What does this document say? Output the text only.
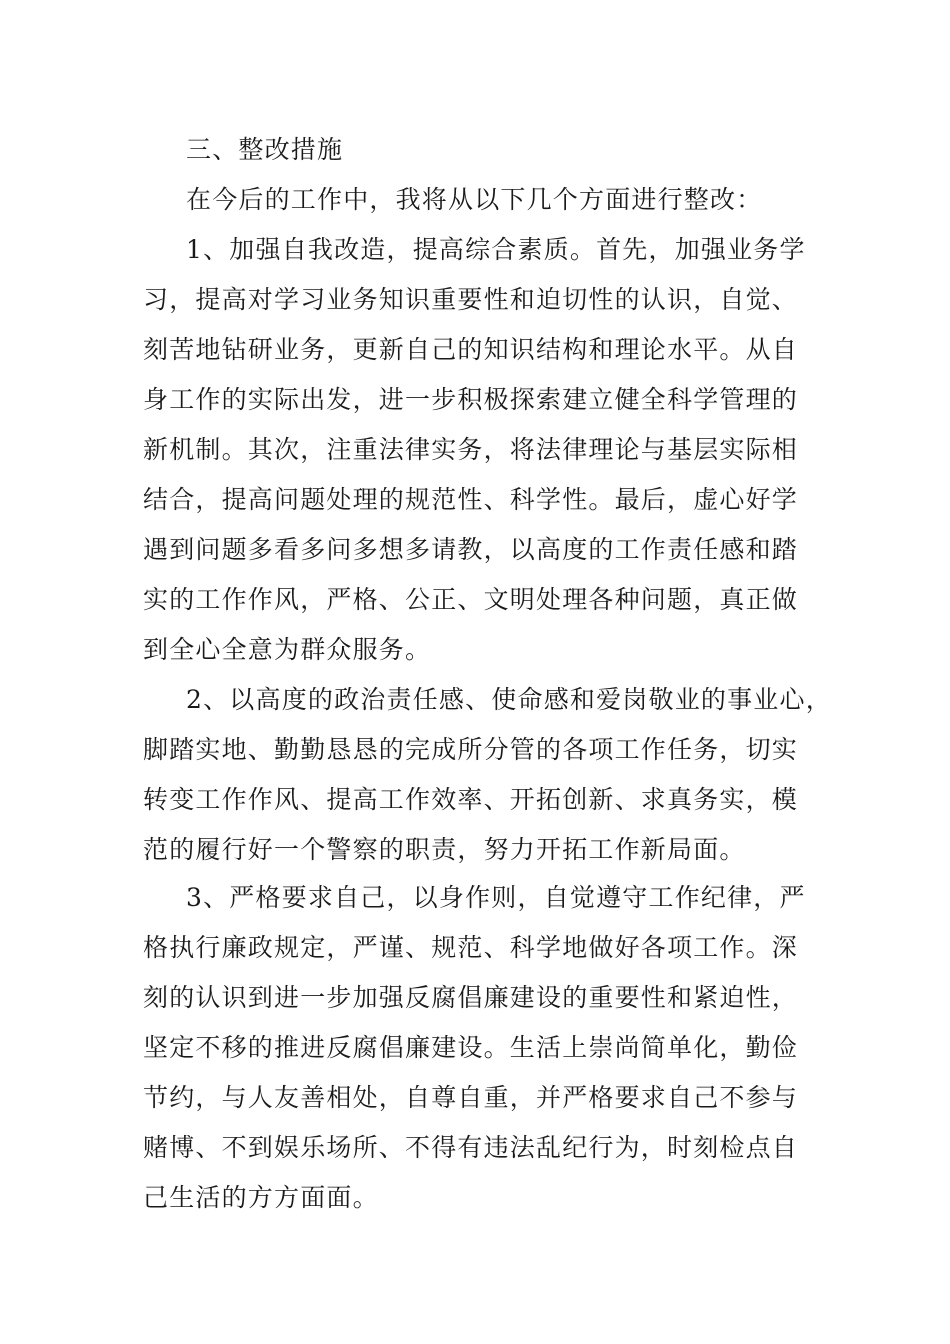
三、整改措施
在今后的工作中，我将从以下几个方面进行整改：
1、加强自我改造，提高综合素质。首先，加强业务学
习，提高对学习业务知识重要性和迫切性的认识，自觉、
刻苦地钻研业务，更新自己的知识结构和理论水平。从自
身工作的实际出发，进一步积极探索建立健全科学管理的
新机制。其次，注重法律实务，将法律理论与基层实际相
结合，提高问题处理的规范性、科学性。最后，虚心好学
遇到问题多看多问多想多请教，以高度的工作责任感和踏
实的工作作风，严格、公正、文明处理各种问题，真正做
到全心全意为群众服务。
2、以高度的政治责任感、使命感和爱岗敬业的事业心，
脚踏实地、勤勤恳恳的完成所分管的各项工作任务，切实
转变工作作风、提高工作效率、开拓创新、求真务实，模
范的履行好一个警察的职责，努力开拓工作新局面。
3、严格要求自己，以身作则，自觉遵守工作纪律，严
格执行廉政规定，严谨、规范、科学地做好各项工作。深
刻的认识到进一步加强反腐倡廉建设的重要性和紧迫性，
坚定不移的推进反腐倡廉建设。生活上崇尚简单化，勤俭
节约，与人友善相处，自尊自重，并严格要求自己不参与
赌博、不到娱乐场所、不得有违法乱纪行为，时刻检点自
己生活的方方面面。
